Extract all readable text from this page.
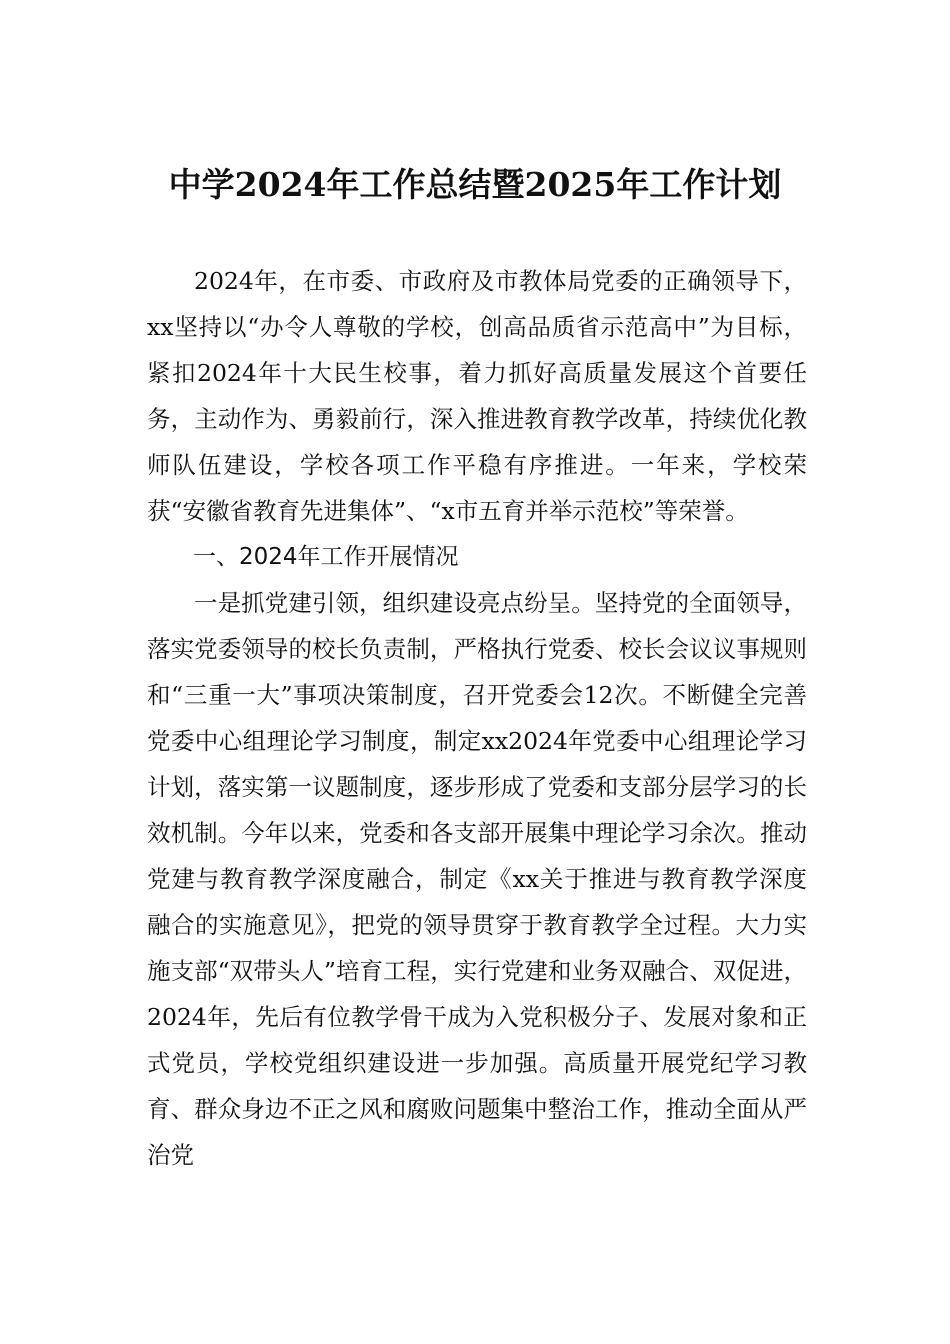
中学2024年工作总结暨2025年工作计划

2024年，在市委、市政府及市教体局党委的正确领导下，xx坚持以“办令人尊敬的学校，创高品质省示范高中”为目标，紧扣2024年十大民生校事，着力抓好高质量发展这个首要任务，主动作为、勇毅前行，深入推进教育教学改革，持续优化教师队伍建设，学校各项工作平稳有序推进。一年来，学校荣获“安徽省教育先进集体”、“x市五育并举示范校”等荣誉。

一、2024年工作开展情况

一是抓党建引领，组织建设亮点纷呈。坚持党的全面领导，落实党委领导的校长负责制，严格执行党委、校长会议议事规则和“三重一大”事项决策制度，召开党委会12次。不断健全完善党委中心组理论学习制度，制定xx2024年党委中心组理论学习计划，落实第一议题制度，逐步形成了党委和支部分层学习的长效机制。今年以来，党委和各支部开展集中理论学习余次。推动党建与教育教学深度融合，制定《xx关于推进与教育教学深度融合的实施意见》，把党的领导贯穿于教育教学全过程。大力实施支部“双带头人”培育工程，实行党建和业务双融合、双促进，2024年，先后有位教学骨干成为入党积极分子、发展对象和正式党员，学校党组织建设进一步加强。高质量开展党纪学习教育、群众身边不正之风和腐败问题集中整治工作，推动全面从严治党
